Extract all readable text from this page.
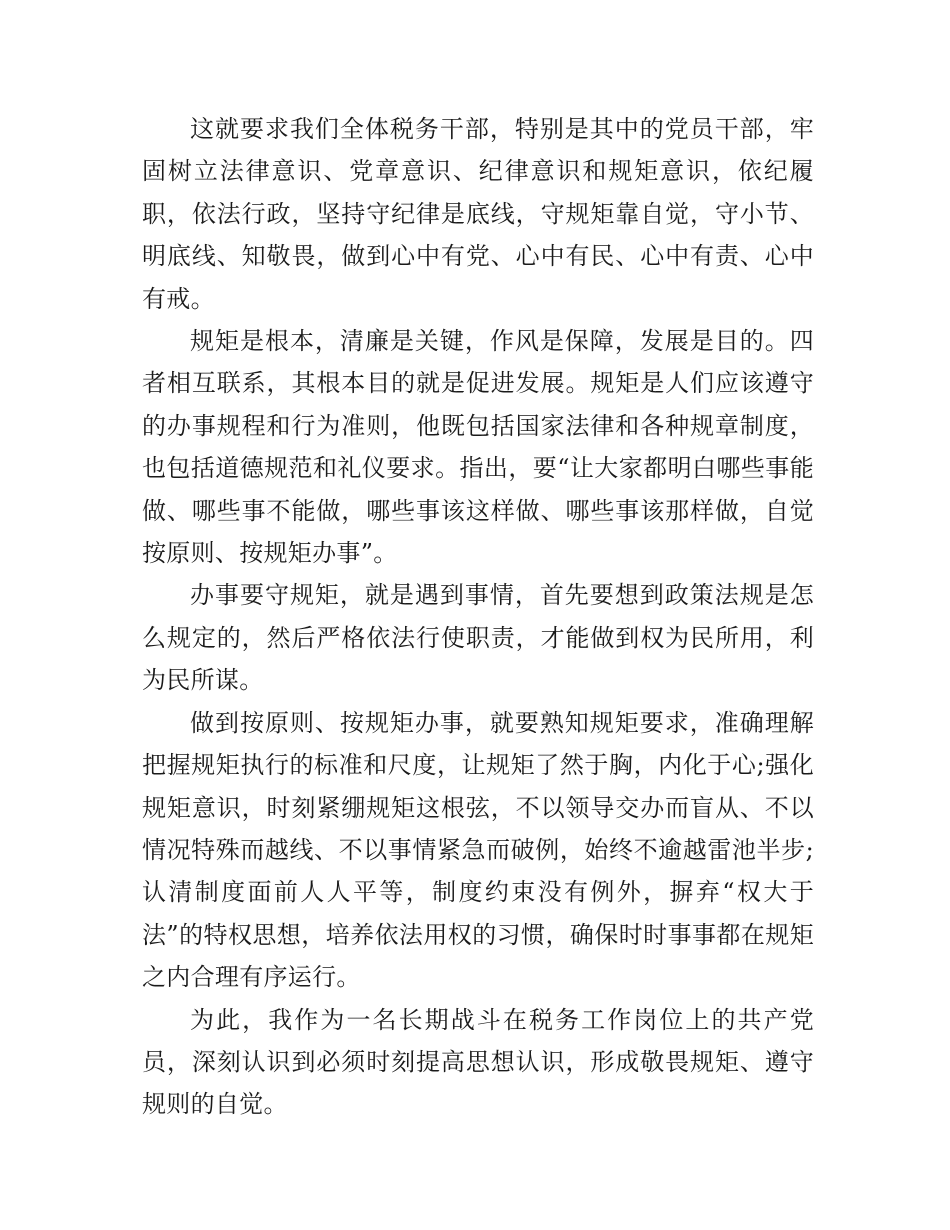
这就要求我们全体税务干部，特别是其中的党员干部，牢固树立法律意识、党章意识、纪律意识和规矩意识，依纪履职，依法行政，坚持守纪律是底线，守规矩靠自觉，守小节、明底线、知敬畏，做到心中有党、心中有民、心中有责、心中有戒。

规矩是根本，清廉是关键，作风是保障，发展是目的。四者相互联系，其根本目的就是促进发展。规矩是人们应该遵守的办事规程和行为准则，他既包括国家法律和各种规章制度，也包括道德规范和礼仪要求。指出，要“让大家都明白哪些事能做、哪些事不能做，哪些事该这样做、哪些事该那样做，自觉按原则、按规矩办事”。

办事要守规矩，就是遇到事情，首先要想到政策法规是怎么规定的，然后严格依法行使职责，才能做到权为民所用，利为民所谋。

做到按原则、按规矩办事，就要熟知规矩要求，准确理解把握规矩执行的标准和尺度，让规矩了然于胸，内化于心;强化规矩意识，时刻紧绷规矩这根弦，不以领导交办而盲从、不以情况特殊而越线、不以事情紧急而破例，始终不逾越雷池半步;认清制度面前人人平等，制度约束没有例外，摒弃“权大于法”的特权思想，培养依法用权的习惯，确保时时事事都在规矩之内合理有序运行。

为此，我作为一名长期战斗在税务工作岗位上的共产党员，深刻认识到必须时刻提高思想认识，形成敬畏规矩、遵守规则的自觉。
